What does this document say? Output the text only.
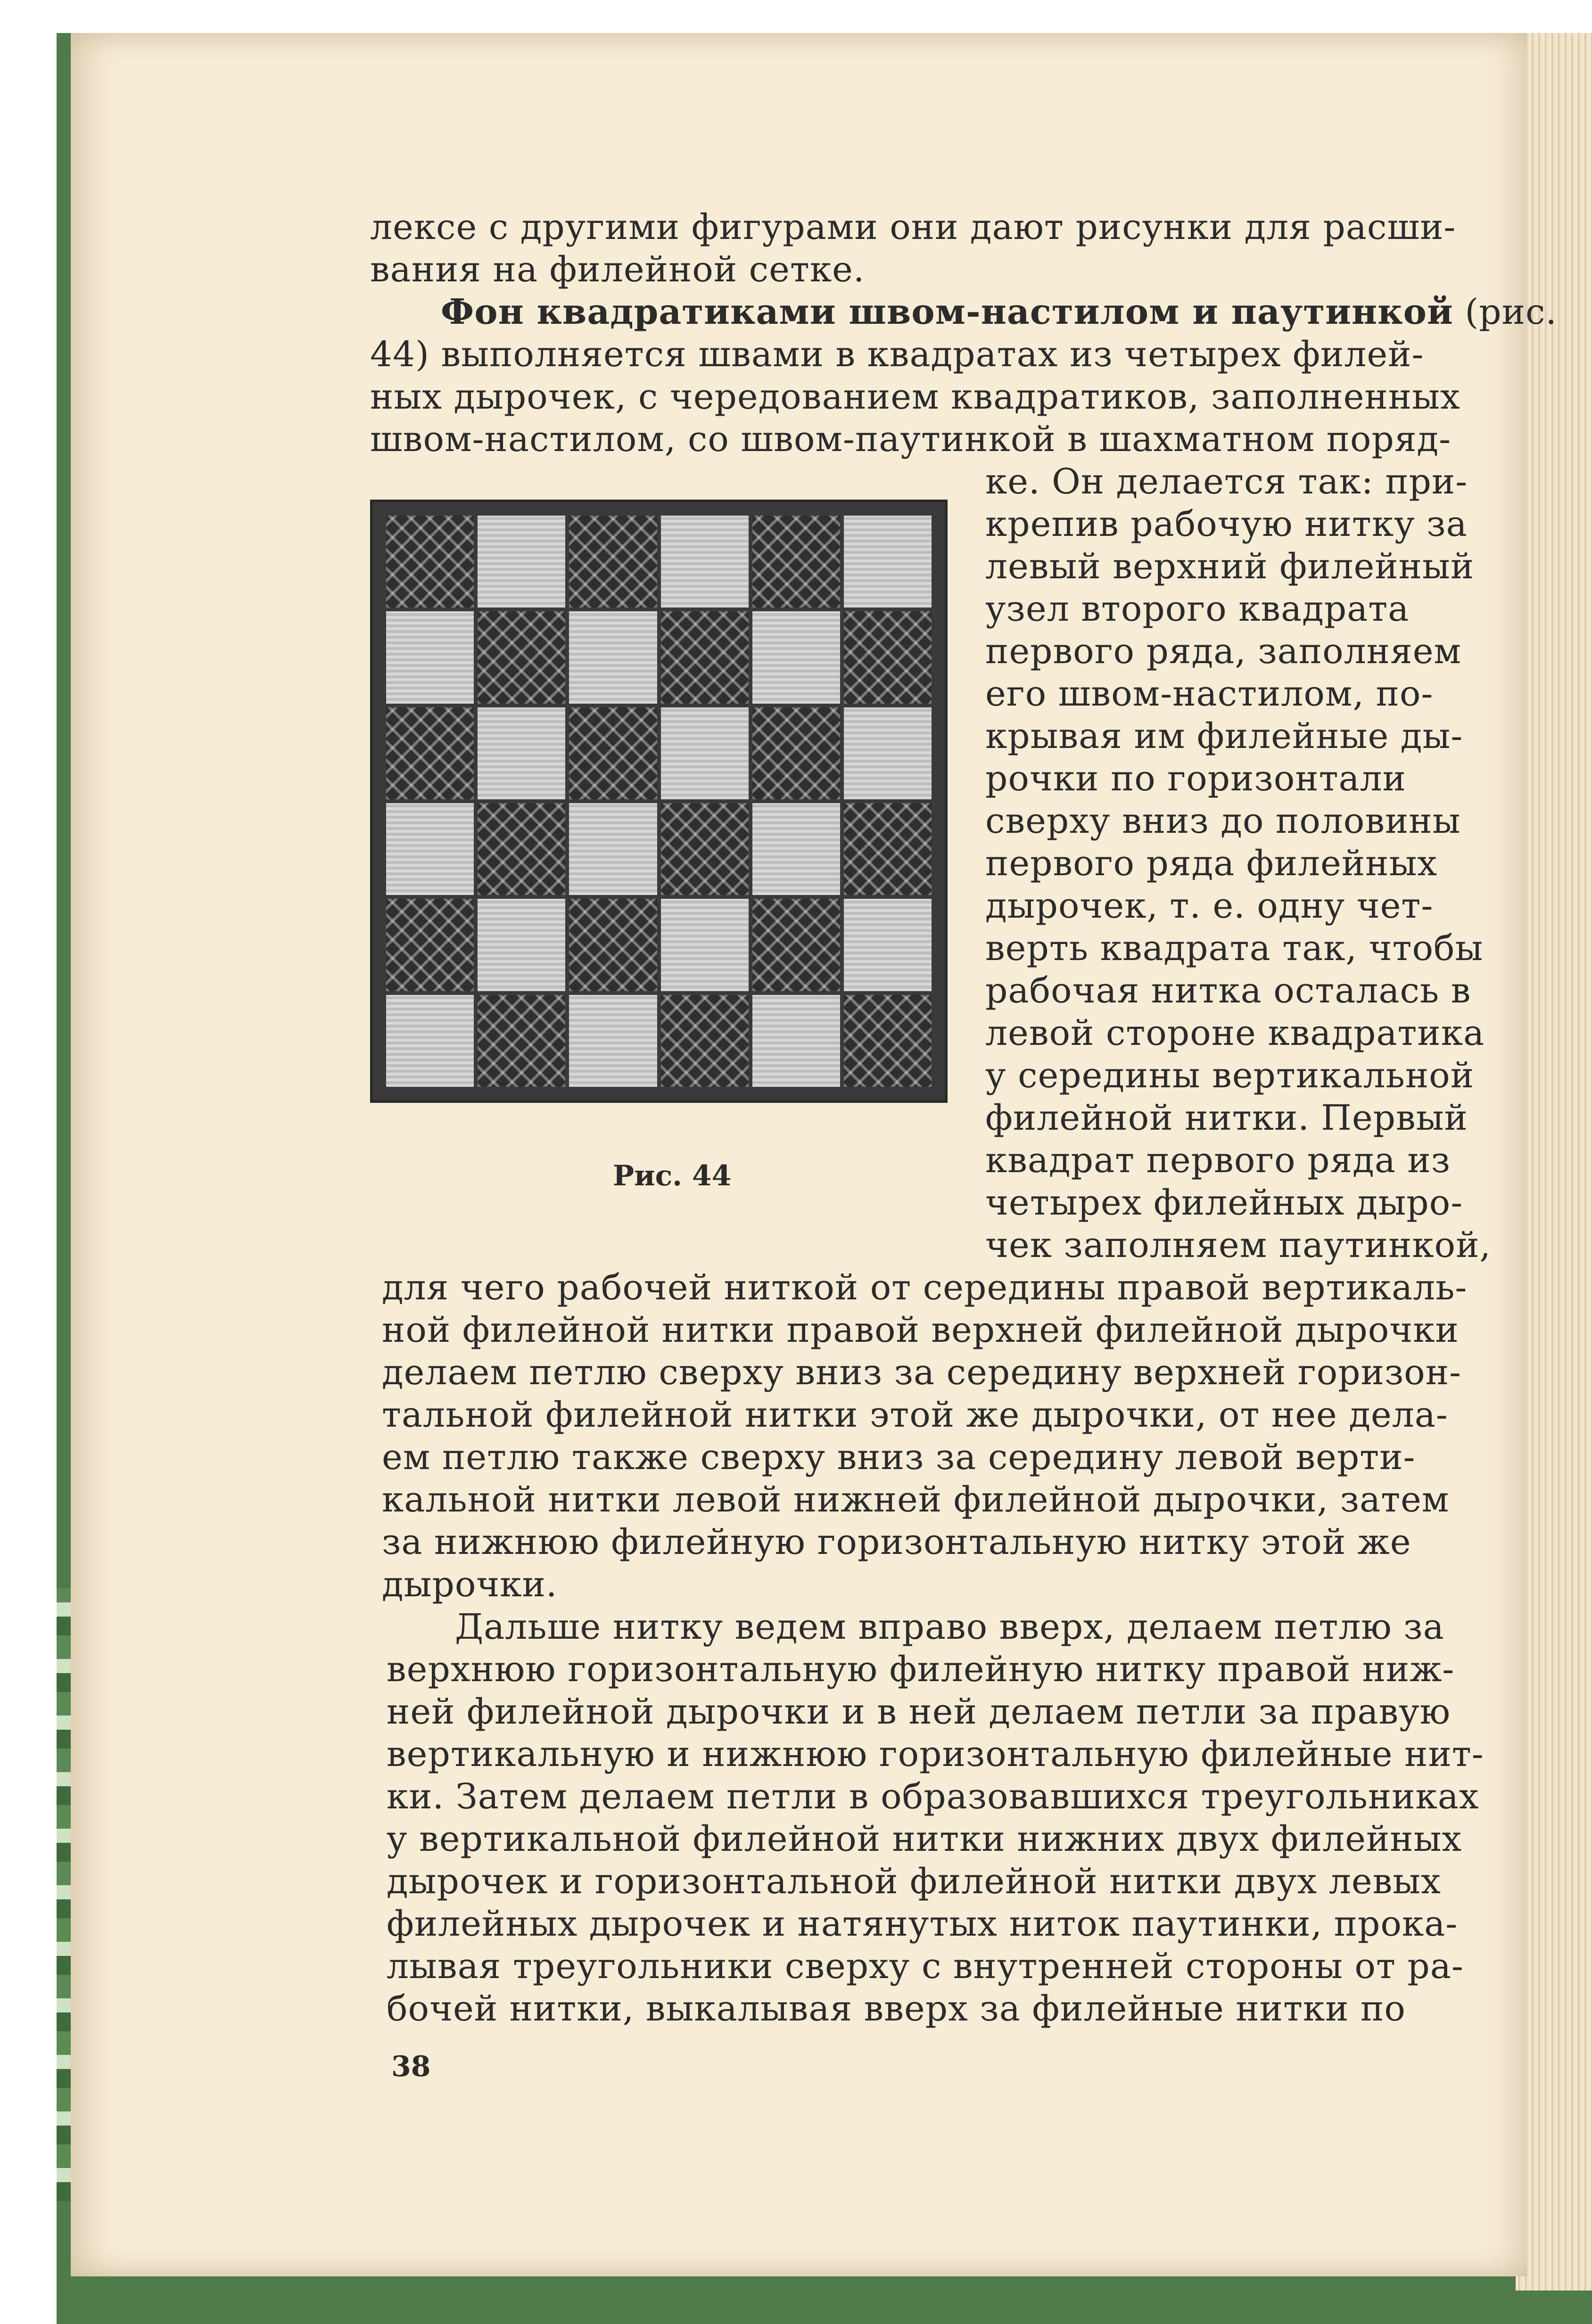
лексе с другими фигурами они дают рисунки для расши-
вания на филейной сетке.
Фон квадратиками швом-настилом и паутинкой (рис.
44) выполняется швами в квадратах из четырех филей-
ных дырочек, с чередованием квадратиков, заполненных
швом-настилом, со швом-паутинкой в шахматном поряд-
Рис. 44
ке. Он делается так: при-
крепив рабочую нитку за
левый верхний филейный
узел второго квадрата
первого ряда, заполняем
его швом-настилом, по-
крывая им филейные ды-
рочки по горизонтали
сверху вниз до половины
первого ряда филейных
дырочек, т. е. одну чет-
верть квадрата так, чтобы
рабочая нитка осталась в
левой стороне квадратика
у середины вертикальной
филейной нитки. Первый
квадрат первого ряда из
четырех филейных дыро-
чек заполняем паутинкой,
для чего рабочей ниткой от середины правой вертикаль-
ной филейной нитки правой верхней филейной дырочки
делаем петлю сверху вниз за середину верхней горизон-
тальной филейной нитки этой же дырочки, от нее дела-
ем петлю также сверху вниз за середину левой верти-
кальной нитки левой нижней филейной дырочки, затем
за нижнюю филейную горизонтальную нитку этой же
дырочки.
Дальше нитку ведем вправо вверх, делаем петлю за
верхнюю горизонтальную филейную нитку правой ниж-
ней филейной дырочки и в ней делаем петли за правую
вертикальную и нижнюю горизонтальную филейные нит-
ки. Затем делаем петли в образовавшихся треугольниках
у вертикальной филейной нитки нижних двух филейных
дырочек и горизонтальной филейной нитки двух левых
филейных дырочек и натянутых ниток паутинки, прока-
лывая треугольники сверху с внутренней стороны от ра-
бочей нитки, выкалывая вверх за филейные нитки по
38
